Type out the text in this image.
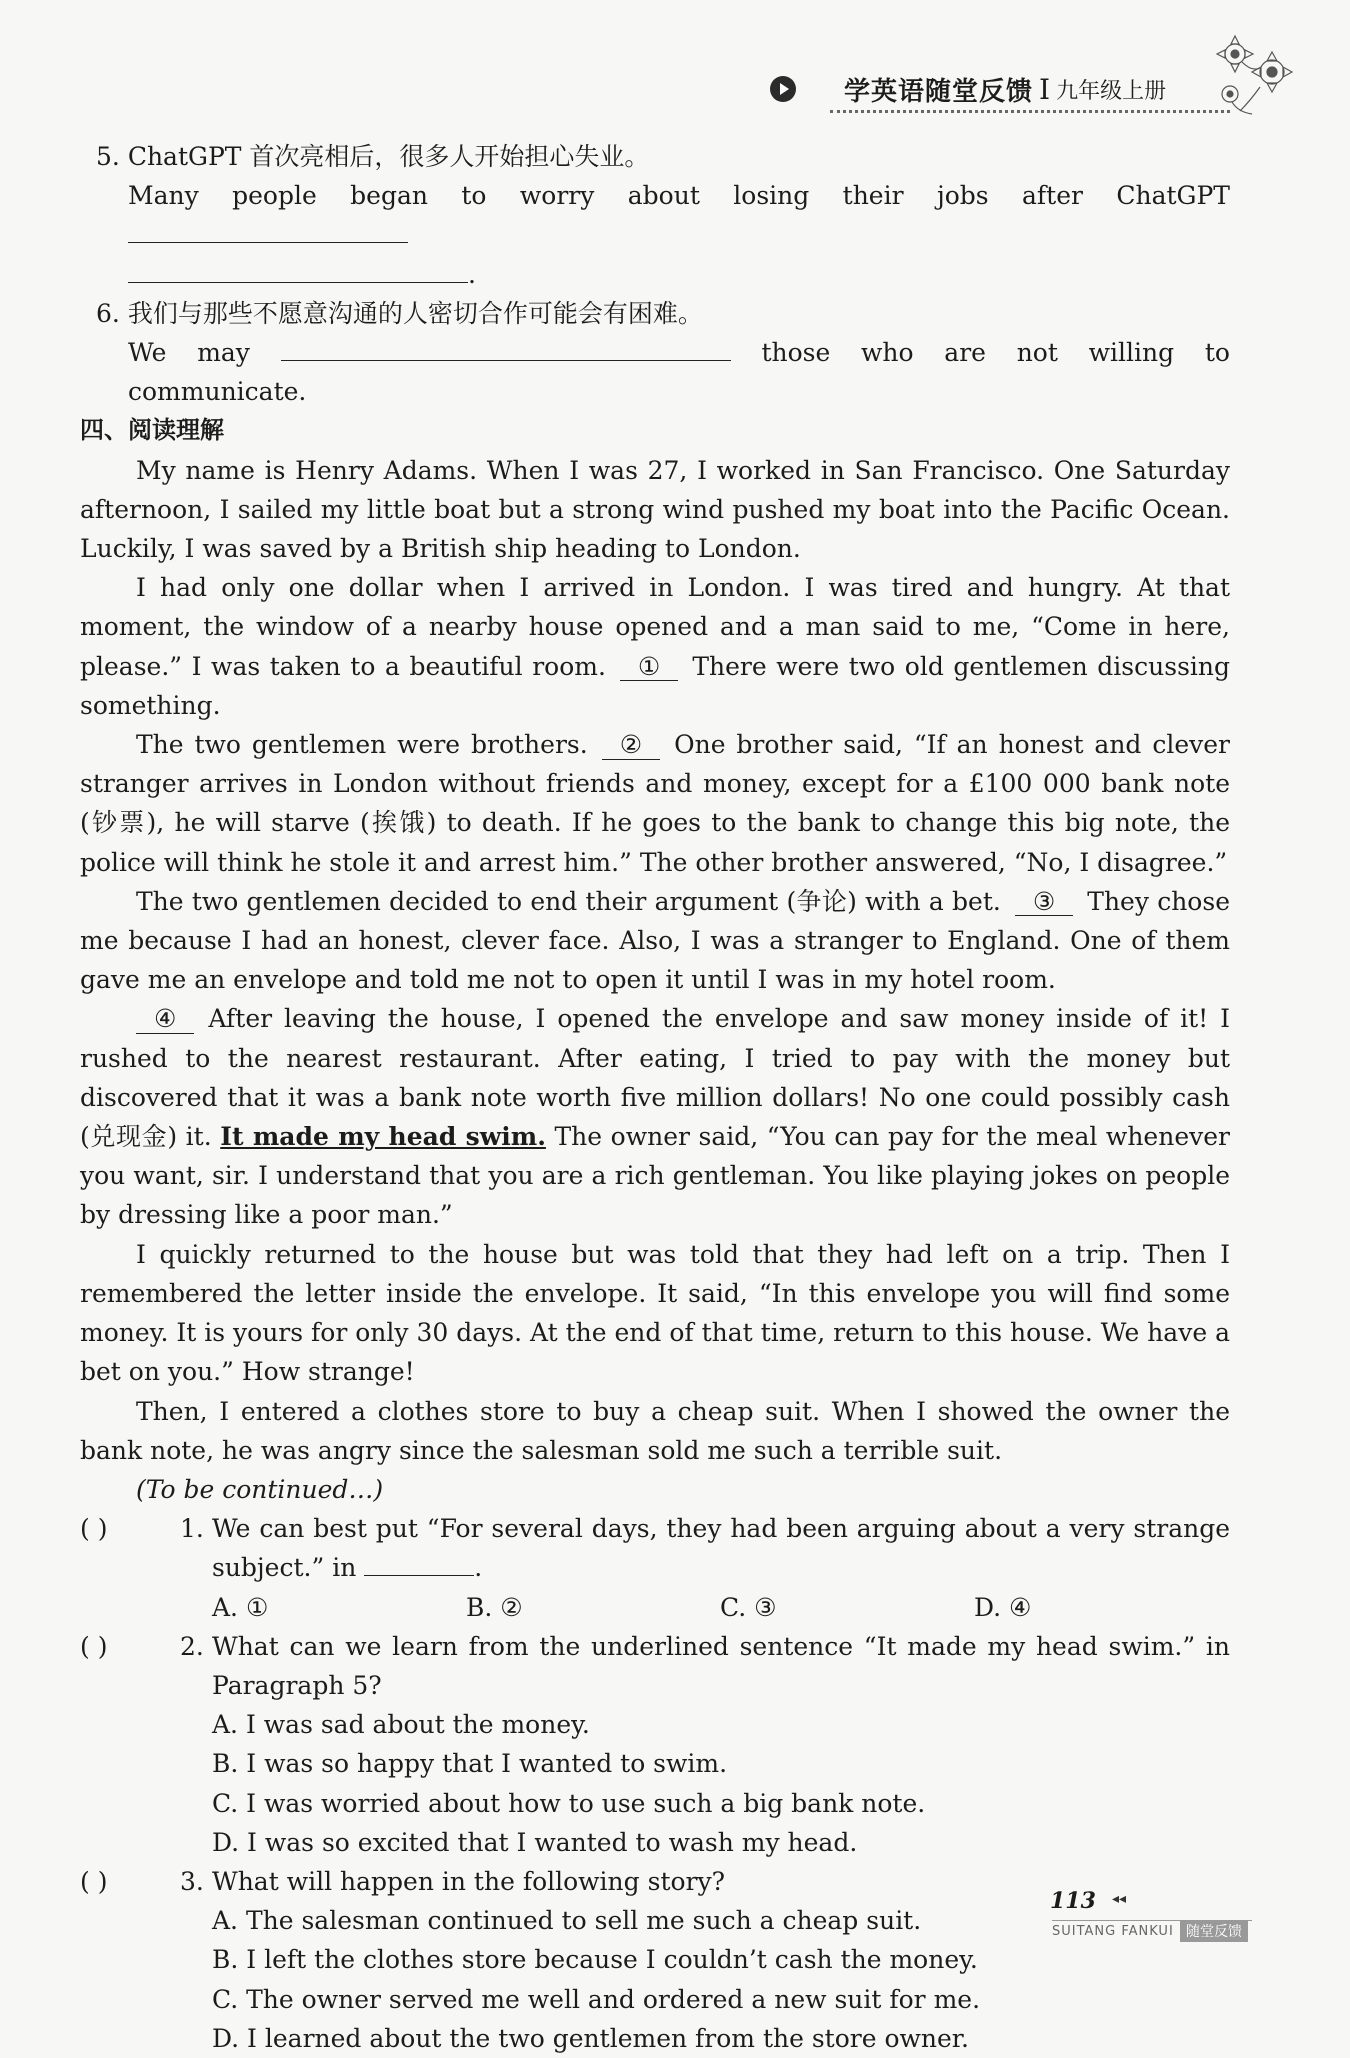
学英语随堂反馈 I 九年级上册

5. ChatGPT 首次亮相后，很多人开始担心失业。

Many people began to worry about losing their jobs after ChatGPT

.

6. 我们与那些不愿意沟通的人密切合作可能会有困难。

We may	those who are not willing to communicate.

四、阅读理解

My name is Henry Adams. When I was 27, I worked in San Francisco. One Saturday afternoon, I sailed my little boat but a strong wind pushed my boat into the Pacific Ocean. Luckily, I was saved by a British ship heading to London.

I had only one dollar when I arrived in London. I was tired and hungry. At that moment, the window of a nearby house opened and a man said to me, “Come in here, please.” I was taken to a beautiful room. ① There were two old gentlemen discussing something.

The two gentlemen were brothers. ② One brother said, “If an honest and clever stranger arrives in London without friends and money, except for a £100 000 bank note (钞票), he will starve (挨饿) to death. If he goes to the bank to change this big note, the police will think he stole it and arrest him.” The other brother answered, “No, I disagree.”

The two gentlemen decided to end their argument (争论) with a bet. ③ They chose me because I had an honest, clever face. Also, I was a stranger to England. One of them gave me an envelope and told me not to open it until I was in my hotel room.

④ After leaving the house, I opened the envelope and saw money inside of it! I rushed to the nearest restaurant. After eating, I tried to pay with the money but discovered that it was a bank note worth five million dollars! No one could possibly cash (兑现金) it. It made my head swim. The owner said, “You can pay for the meal whenever you want, sir. I understand that you are a rich gentleman. You like playing jokes on people by dressing like a poor man.”

I quickly returned to the house but was told that they had left on a trip. Then I remembered the letter inside the envelope. It said, “In this envelope you will find some money. It is yours for only 30 days. At the end of that time, return to this house. We have a bet on you.” How strange!

Then, I entered a clothes store to buy a cheap suit. When I showed the owner the bank note, he was angry since the salesman sold me such a terrible suit.

(To be continued…)

( )	1. We can best put “For several days, they had been arguing about a very strange subject.” in	.
A. ①	B. ②	C. ③	D. ④
( )	2. What can we learn from the underlined sentence “It made my head swim.” in Paragraph 5?

A. I was sad about the money.

B. I was so happy that I wanted to swim.

C. I was worried about how to use such a big bank note.

D. I was so excited that I wanted to wash my head.

( )	3. What will happen in the following story?

A. The salesman continued to sell me such a cheap suit.

B. I left the clothes store because I couldn’t cash the money.

C. The owner served me well and ordered a new suit for me.

D. I learned about the two gentlemen from the store owner.

113 ◂◂
SUITANG FANKUI 随堂反馈
